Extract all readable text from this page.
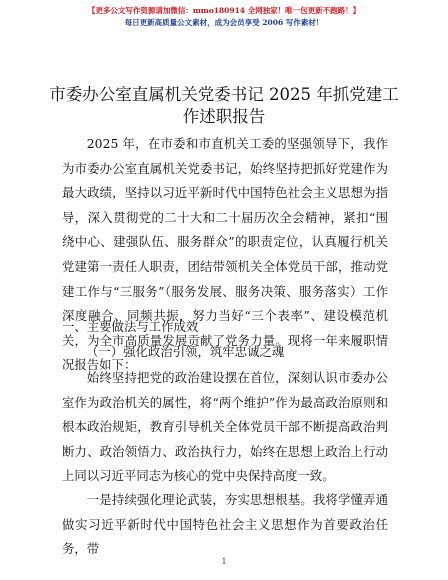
【更多公文写作资源请加微信：mmo180914 全网独家！唯一包更新不跑路！】
每日更新高质量公文素材，成为会员享受 2006 写作素材！
市委办公室直属机关党委书记 2025 年抓党建工
作述职报告

2025 年，在市委和市直机关工委的坚强领导下，我作为市委办公室直属机关党委书记，始终坚持把抓好党建作为最大政绩，坚持以习近平新时代中国特色社会主义思想为指导，深入贯彻党的二十大和二十届历次全会精神，紧扣“围绕中心、建强队伍、服务群众”的职责定位，认真履行机关党建第一责任人职责，团结带领机关全体党员干部，推动党建工作与“三服务”（服务发展、服务决策、服务落实）工作深度融合、同频共振，努力当好“三个表率”、建设模范机关，为全市高质量发展贡献了党务力量。现将一年来履职情况报告如下：

一、主要做法与工作成效
（一）强化政治引领，筑牢忠诚之魂

始终坚持把党的政治建设摆在首位，深刻认识市委办公室作为政治机关的属性，将“两个维护”作为最高政治原则和根本政治规矩，教育引导机关全体党员干部不断提高政治判断力、政治领悟力、政治执行力，始终在思想上政治上行动上同以习近平同志为核心的党中央保持高度一致。

一是持续强化理论武装，夯实思想根基。我将学懂弄通做实习近平新时代中国特色社会主义思想作为首要政治任务，带

1
